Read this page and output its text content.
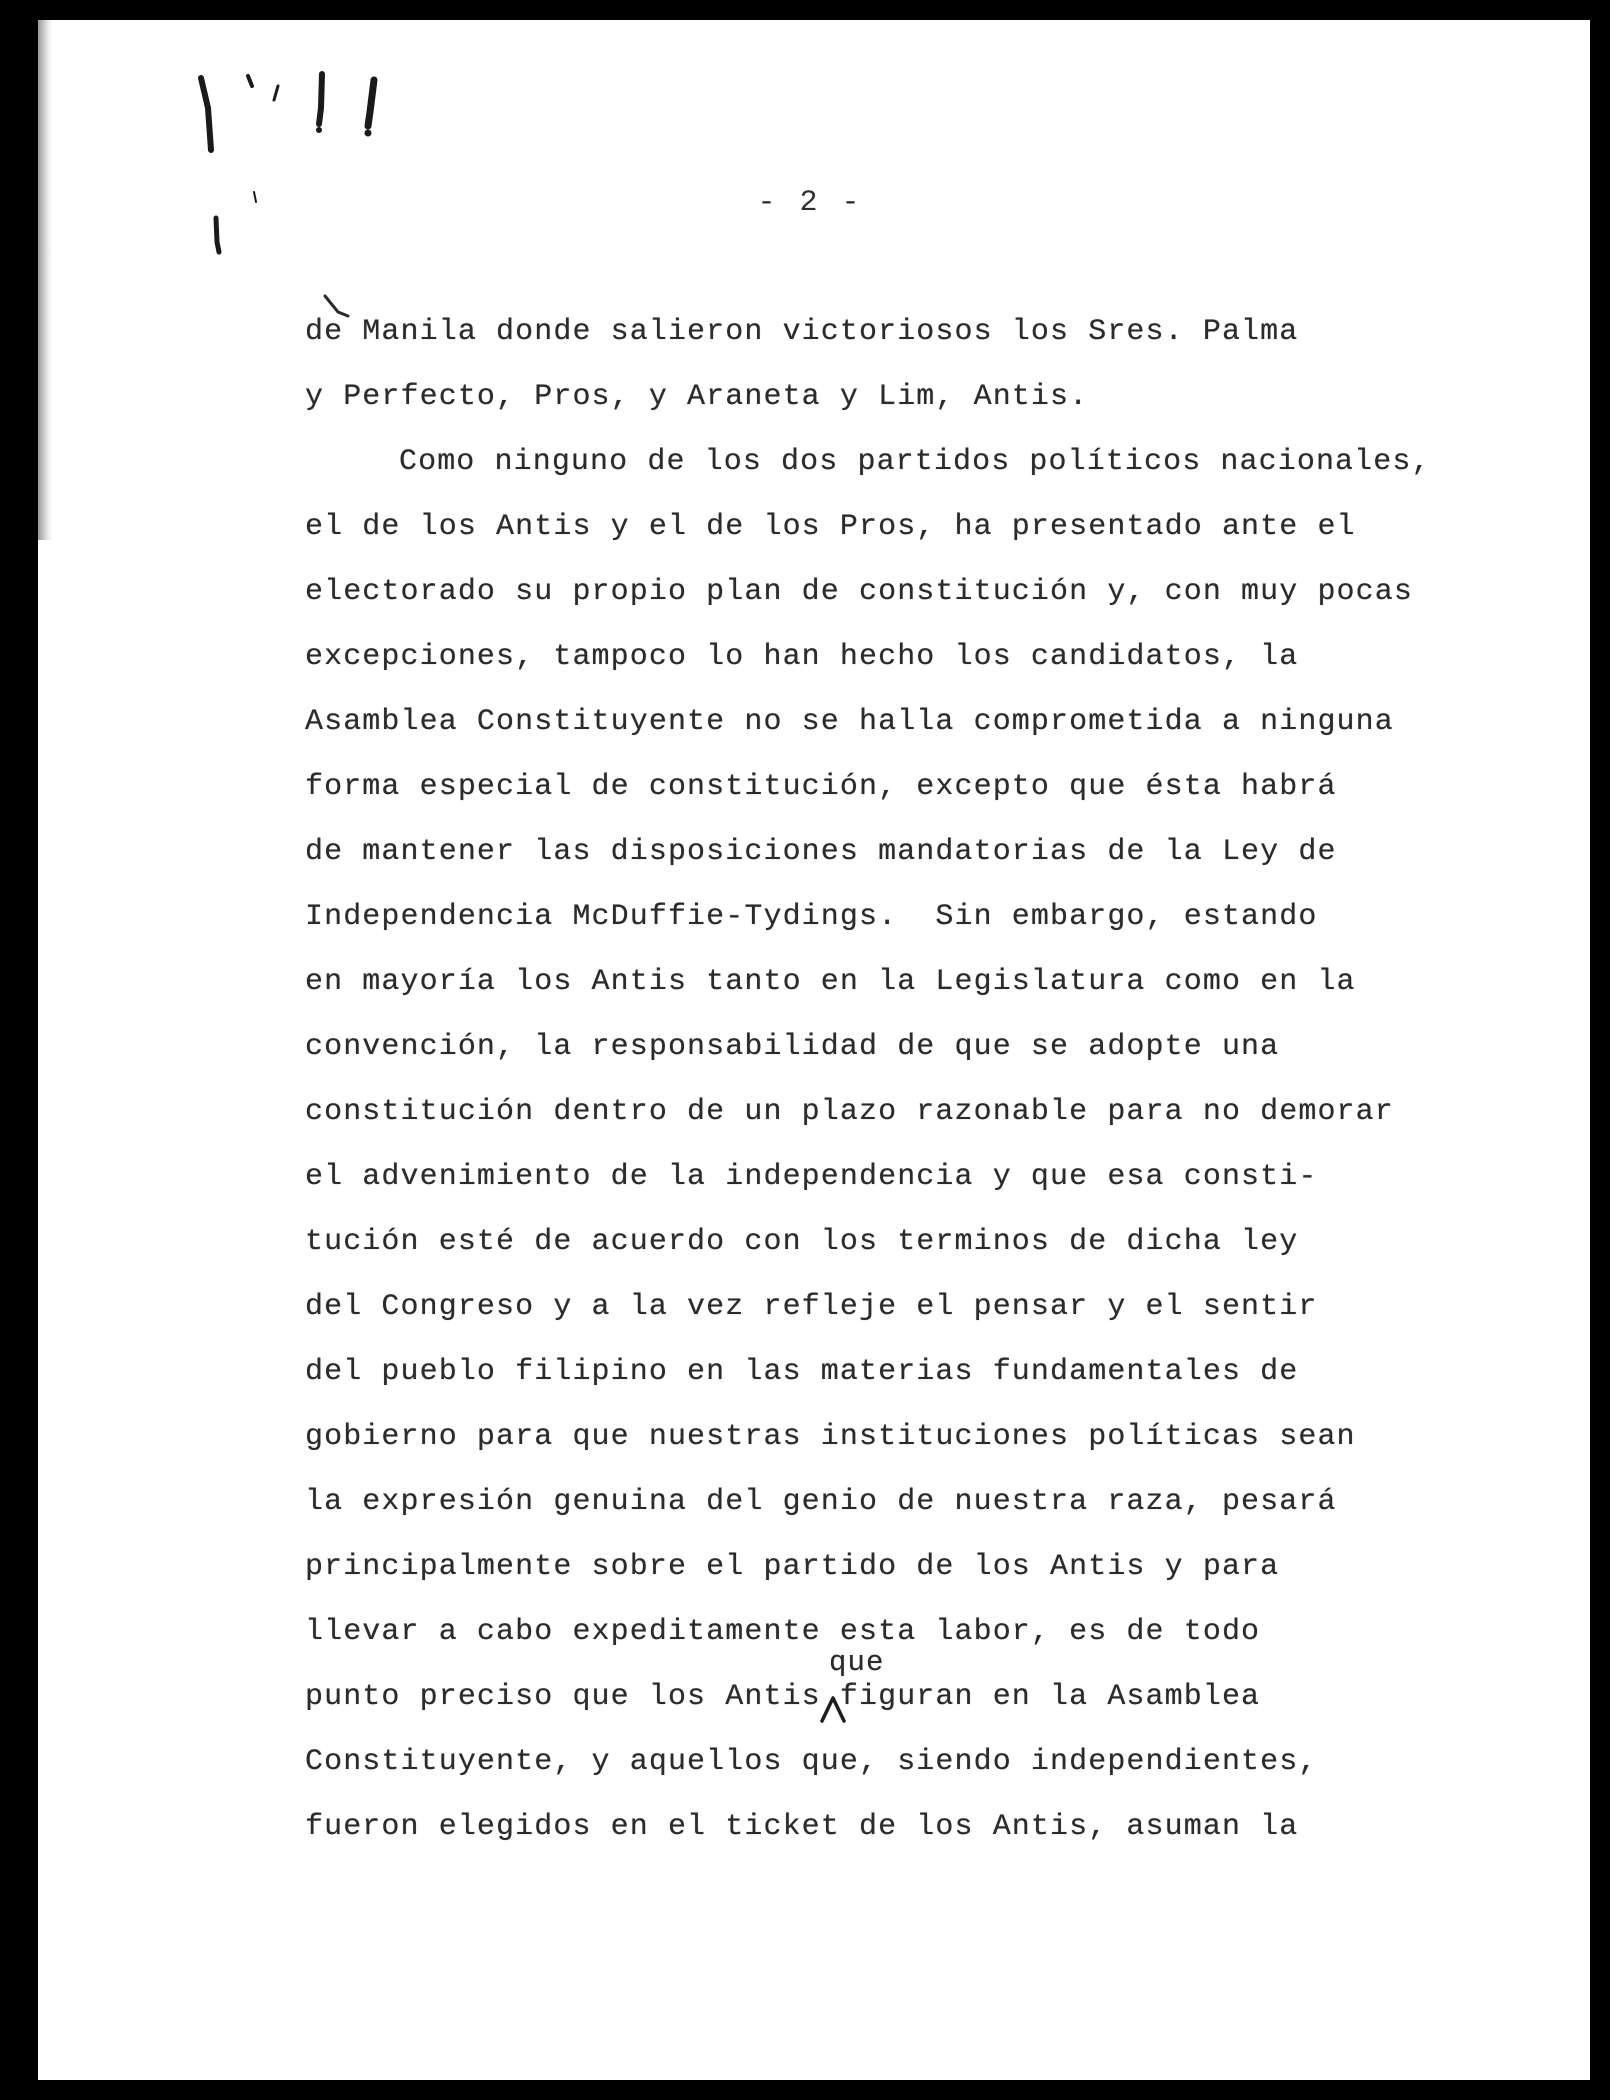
- 2 -
de Manila donde salieron victoriosos los Sres. Palma
y Perfecto, Pros, y Araneta y Lim, Antis.
Como ninguno de los dos partidos políticos nacionales,
el de los Antis y el de los Pros, ha presentado ante el
electorado su propio plan de constitución y, con muy pocas
excepciones, tampoco lo han hecho los candidatos, la
Asamblea Constituyente no se halla comprometida a ninguna
forma especial de constitución, excepto que ésta habrá
de mantener las disposiciones mandatorias de la Ley de
Independencia McDuffie-Tydings.  Sin embargo, estando
en mayoría los Antis tanto en la Legislatura como en la
convención, la responsabilidad de que se adopte una
constitución dentro de un plazo razonable para no demorar
el advenimiento de la independencia y que esa consti-
tución esté de acuerdo con los terminos de dicha ley
del Congreso y a la vez refleje el pensar y el sentir
del pueblo filipino en las materias fundamentales de
gobierno para que nuestras instituciones políticas sean
la expresión genuina del genio de nuestra raza, pesará
principalmente sobre el partido de los Antis y para
llevar a cabo expeditamente esta labor, es de todo
punto preciso que los Antis figuran en la Asamblea
Constituyente, y aquellos que, siendo independientes,
fueron elegidos en el ticket de los Antis, asuman la
que
